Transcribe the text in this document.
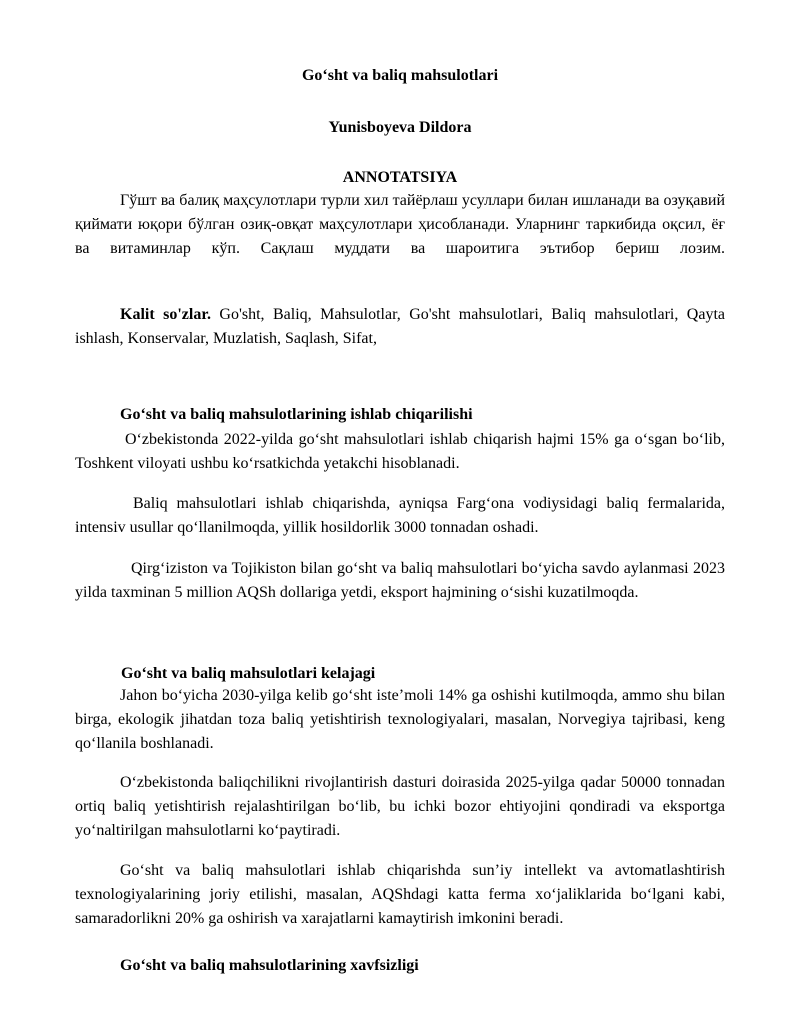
Go‘sht va baliq mahsulotlari
Yunisboyeva Dildora
ANNOTATSIYA
Гўшт ва балиқ маҳсулотлари турли хил тайёрлаш усуллари билан ишланади ва озуқавий қиймати юқори бўлган озиқ-овқат маҳсулотлари ҳисобланади. Уларнинг таркибида оқсил, ёғ ва витаминлар кўп. Сақлаш муддати ва шароитига эътибор бериш лозим.
Kalit so'zlar. Go'sht, Baliq, Mahsulotlar, Go'sht mahsulotlari, Baliq mahsulotlari, Qayta ishlash, Konservalar, Muzlatish, Saqlash, Sifat,
Go‘sht va baliq mahsulotlarining ishlab chiqarilishi
O‘zbekistonda 2022-yilda go‘sht mahsulotlari ishlab chiqarish hajmi 15% ga o‘sgan bo‘lib, Toshkent viloyati ushbu ko‘rsatkichda yetakchi hisoblanadi.
Baliq mahsulotlari ishlab chiqarishda, ayniqsa Farg‘ona vodiysidagi baliq fermalarida, intensiv usullar qo‘llanilmoqda, yillik hosildorlik 3000 tonnadan oshadi.
Qirg‘iziston va Tojikiston bilan go‘sht va baliq mahsulotlari bo‘yicha savdo aylanmasi 2023 yilda taxminan 5 million AQSh dollariga yetdi, eksport hajmining o‘sishi kuzatilmoqda.
Go‘sht va baliq mahsulotlari kelajagi
Jahon bo‘yicha 2030-yilga kelib go‘sht iste’moli 14% ga oshishi kutilmoqda, ammo shu bilan birga, ekologik jihatdan toza baliq yetishtirish texnologiyalari, masalan, Norvegiya tajribasi, keng qo‘llanila boshlanadi.
O‘zbekistonda baliqchilikni rivojlantirish dasturi doirasida 2025-yilga qadar 50000 tonnadan ortiq baliq yetishtirish rejalashtirilgan bo‘lib, bu ichki bozor ehtiyojini qondiradi va eksportga yo‘naltirilgan mahsulotlarni ko‘paytiradi.
Go‘sht va baliq mahsulotlari ishlab chiqarishda sun’iy intellekt va avtomatlashtirish texnologiyalarining joriy etilishi, masalan, AQShdagi katta ferma xo‘jaliklarida bo‘lgani kabi, samaradorlikni 20% ga oshirish va xarajatlarni kamaytirish imkonini beradi.
Go‘sht va baliq mahsulotlarining xavfsizligi
